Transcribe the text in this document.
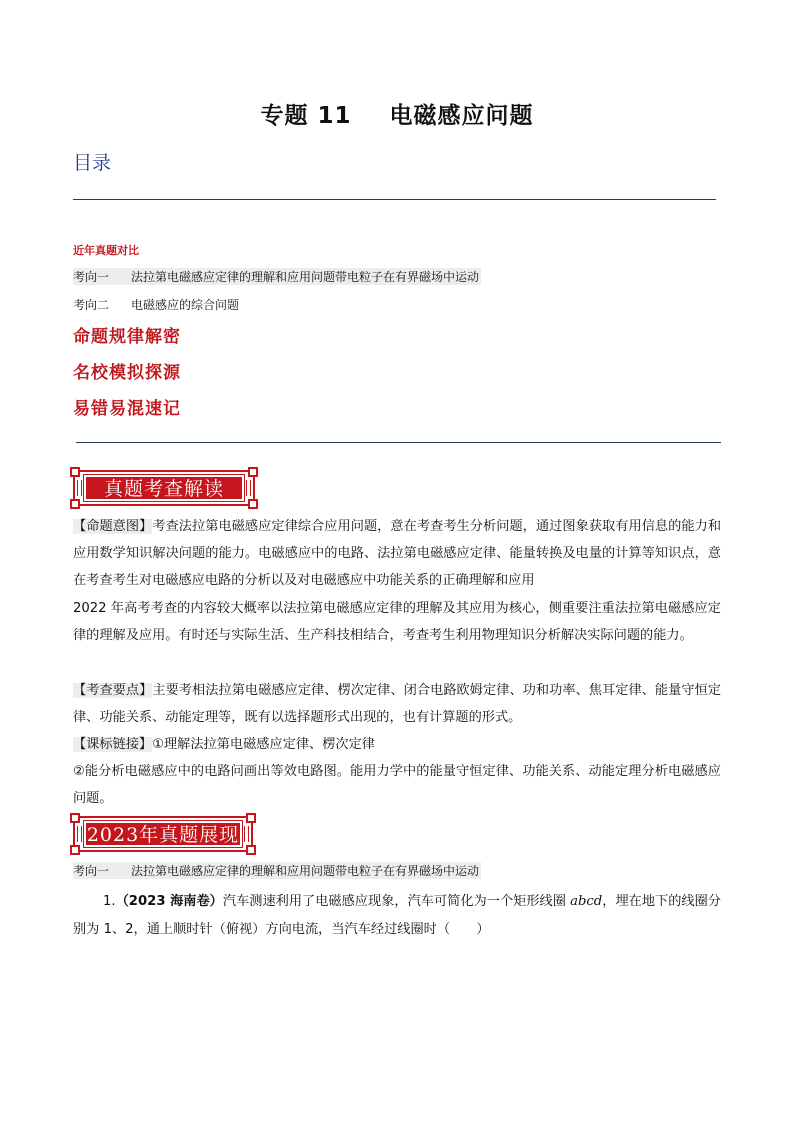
专题 11 电磁感应问题
目录
近年真题对比
考向一 法拉第电磁感应定律的理解和应用问题带电粒子在有界磁场中运动
考向二 电磁感应的综合问题
命题规律解密
名校模拟探源
易错易混速记
真题考查解读

【命题意图】考查法拉第电磁感应定律综合应用问题，意在考查考生分析问题，通过图象获取有用信息的能力和应用数学知识解决问题的能力。电磁感应中的电路、法拉第电磁感应定律、能量转换及电量的计算等知识点，意在考查考生对电磁感应电路的分析以及对电磁感应中功能关系的正确理解和应用

2022 年高考考查的内容较大概率以法拉第电磁感应定律的理解及其应用为核心，侧重要注重法拉第电磁感应定律的理解及应用。有时还与实际生活、生产科技相结合，考查考生利用物理知识分析解决实际问题的能力。

【考查要点】主要考相法拉第电磁感应定律、楞次定律、闭合电路欧姆定律、功和功率、焦耳定律、能量守恒定律、功能关系、动能定理等，既有以选择题形式出现的，也有计算题的形式。

【课标链接】①理解法拉第电磁感应定律、楞次定律

②能分析电磁感应中的电路问画出等效电路图。能用力学中的能量守恒定律、功能关系、动能定理分析电磁感应问题。

2023年真题展现
考向一 法拉第电磁感应定律的理解和应用问题带电粒子在有界磁场中运动

1.（2023 海南卷）汽车测速利用了电磁感应现象，汽车可简化为一个矩形线圈 abcd，埋在地下的线圈分别为 1、2，通上顺时针（俯视）方向电流，当汽车经过线圈时（　　）
